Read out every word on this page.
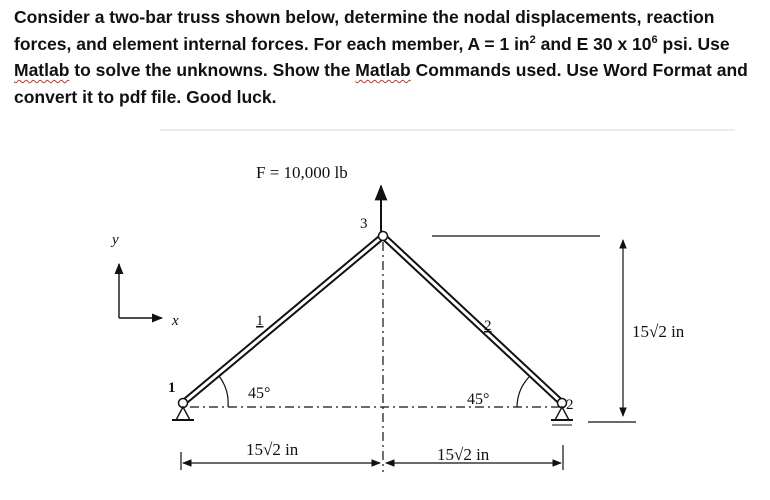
Consider a two-bar truss shown below, determine the nodal displacements, reaction forces, and element internal forces. For each member, A = 1 $in^2$ and E 30 x $10^6$ psi. Use Matlab to solve the unknowns. Show the Matlab Commands used. Use Word Format and convert it to pdf file. Good luck.

F = 10,000 lb
3
1
2
1	2
45°	45°
y
x
15√2 in	15√2 in
15√2 in
